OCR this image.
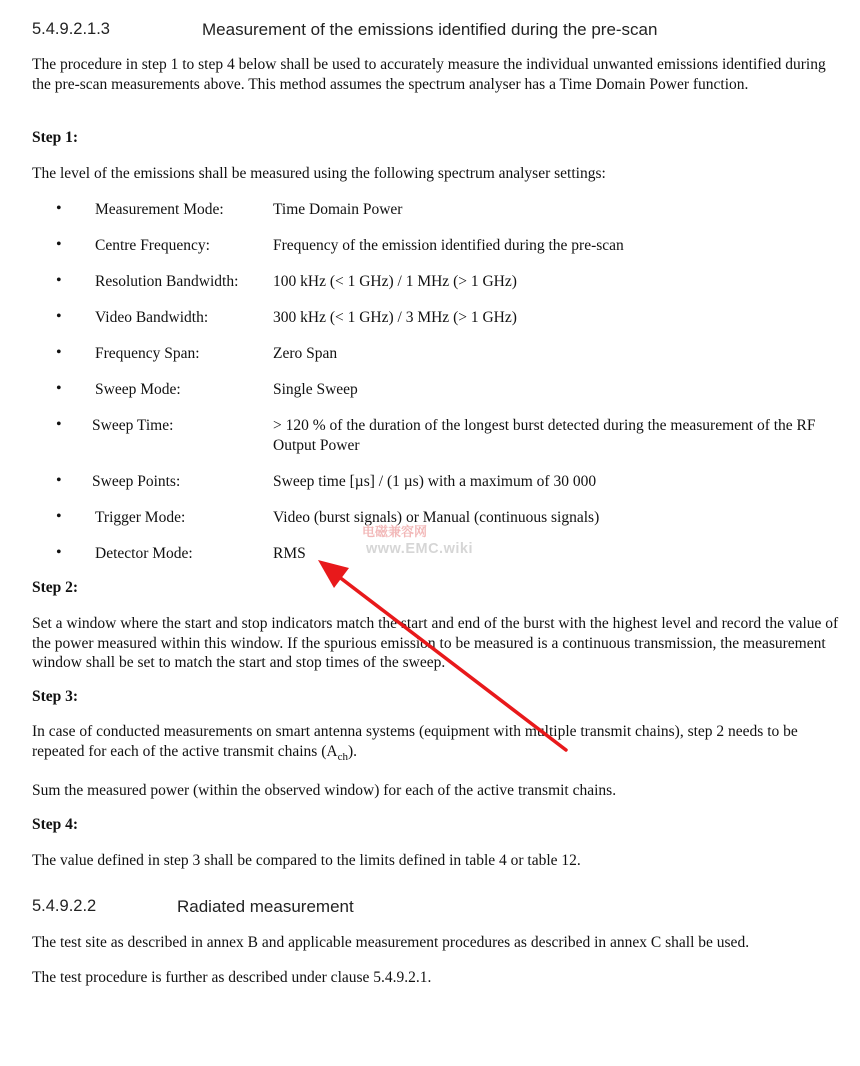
5.4.9.2.1.3	Measurement of the emissions identified during the pre-scan
The procedure in step 1 to step 4 below shall be used to accurately measure the individual unwanted emissions identified during the pre-scan measurements above. This method assumes the spectrum analyser has a Time Domain Power function.
Step 1:
The level of the emissions shall be measured using the following spectrum analyser settings:
• Measurement Mode:	Time Domain Power
• Centre Frequency:	Frequency of the emission identified during the pre-scan
• Resolution Bandwidth: 100 kHz (< 1 GHz) / 1 MHz (> 1 GHz)
• Video Bandwidth:	300 kHz (< 1 GHz) / 3 MHz (> 1 GHz)
• Frequency Span:	Zero Span
• Sweep Mode:	Single Sweep
• Sweep Time:	> 120 % of the duration of the longest burst detected during the measurement of the RF Output Power
• Sweep Points:	Sweep time [µs] / (1 µs) with a maximum of 30 000
• Trigger Mode:	Video (burst signals) or Manual (continuous signals)
• Detector Mode:	RMS
电磁兼容网
www.EMC.wiki
Step 2:
Set a window where the start and stop indicators match the start and end of the burst with the highest level and record the value of the power measured within this window. If the spurious emission to be measured is a continuous transmission, the measurement window shall be set to match the start and stop times of the sweep.
Step 3:
In case of conducted measurements on smart antenna systems (equipment with multiple transmit chains), step 2 needs to be repeated for each of the active transmit chains $(A_{ch})$.
Sum the measured power (within the observed window) for each of the active transmit chains.
Step 4:
The value defined in step 3 shall be compared to the limits defined in table 4 or table 12.
5.4.9.2.2	Radiated measurement
The test site as described in annex B and applicable measurement procedures as described in annex C shall be used.
The test procedure is further as described under clause 5.4.9.2.1.
